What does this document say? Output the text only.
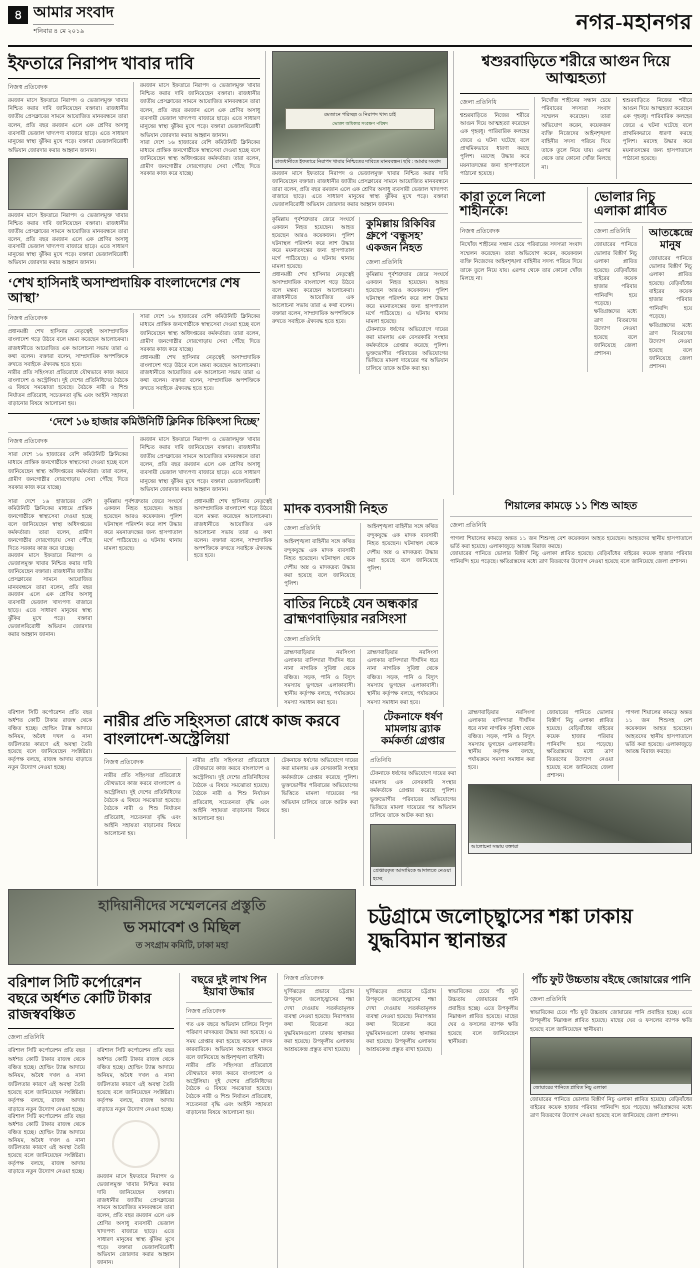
৪ আমার সংবাদ
শনিবার ৪ মে ২০১৯	নগর-মহানগর
ইফতারে নিরাপদ খাবার দাবি
নিজস্ব প্রতিবেদক
রমজান মাসে ইফতারে নিরাপদ ও ভেজালমুক্ত খাবার নিশ্চিত করার দাবি জানিয়েছেন বক্তারা। রাজধানীর জাতীয় প্রেসক্লাবের সামনে আয়োজিত মানববন্ধনে তারা বলেন, প্রতি বছর রমজান এলে এক শ্রেণির অসাধু ব্যবসায়ী ভেজাল খাদ্যপণ্য বাজারে ছাড়ে। এতে সাধারণ মানুষের স্বাস্থ্য ঝুঁকির মুখে পড়ে। বক্তারা ভেজালবিরোধী অভিযান জোরদার করার আহ্বান জানান।
রমজান মাসে ইফতারে নিরাপদ ও ভেজালমুক্ত খাবার নিশ্চিত করার দাবি জানিয়েছেন বক্তারা। রাজধানীর জাতীয় প্রেসক্লাবের সামনে আয়োজিত মানববন্ধনে তারা বলেন, প্রতি বছর রমজান এলে এক শ্রেণির অসাধু ব্যবসায়ী ভেজাল খাদ্যপণ্য বাজারে ছাড়ে। এতে সাধারণ মানুষের স্বাস্থ্য ঝুঁকির মুখে পড়ে। বক্তারা ভেজালবিরোধী অভিযান জোরদার করার আহ্বান জানান।
রমজান মাসে ইফতারে নিরাপদ ও ভেজালমুক্ত খাবার নিশ্চিত করার দাবি জানিয়েছেন বক্তারা। রাজধানীর জাতীয় প্রেসক্লাবের সামনে আয়োজিত মানববন্ধনে তারা বলেন, প্রতি বছর রমজান এলে এক শ্রেণির অসাধু ব্যবসায়ী ভেজাল খাদ্যপণ্য বাজারে ছাড়ে। এতে সাধারণ মানুষের স্বাস্থ্য ঝুঁকির মুখে পড়ে। বক্তারা ভেজালবিরোধী অভিযান জোরদার করার আহ্বান জানান।
সারা দেশে ১৬ হাজারের বেশি কমিউনিটি ক্লিনিকের মাধ্যমে প্রান্তিক জনগোষ্ঠীকে স্বাস্থ্যসেবা দেওয়া হচ্ছে বলে জানিয়েছেন স্বাস্থ্য অধিদপ্তরের কর্মকর্তারা। তারা বলেন, গ্রামীণ জনগোষ্ঠীর দোরগোড়ায় সেবা পৌঁছে দিতে সরকার কাজ করে যাচ্ছে।
‘শেখ হাসিনাই অসাম্প্রদায়িক বাংলাদেশের শেষ আস্থা’
নিজস্ব প্রতিবেদক
প্রধানমন্ত্রী শেখ হাসিনার নেতৃত্বেই অসাম্প্রদায়িক বাংলাদেশ গড়ে উঠবে বলে মন্তব্য করেছেন আলোচকরা। রাজধানীতে আয়োজিত এক আলোচনা সভায় তারা এ কথা বলেন। বক্তারা বলেন, সাম্প্রদায়িক অপশক্তিকে রুখতে সবাইকে ঐক্যবদ্ধ হতে হবে।
নারীর প্রতি সহিংসতা প্রতিরোধে যৌথভাবে কাজ করবে বাংলাদেশ ও অস্ট্রেলিয়া। দুই দেশের প্রতিনিধিদের বৈঠকে এ বিষয়ে সমঝোতা হয়েছে। বৈঠকে নারী ও শিশু নির্যাতন প্রতিরোধ, সচেতনতা বৃদ্ধি এবং আইনি সহায়তা বাড়ানোর বিষয়ে আলোচনা হয়।
সারা দেশে ১৬ হাজারের বেশি কমিউনিটি ক্লিনিকের মাধ্যমে প্রান্তিক জনগোষ্ঠীকে স্বাস্থ্যসেবা দেওয়া হচ্ছে বলে জানিয়েছেন স্বাস্থ্য অধিদপ্তরের কর্মকর্তারা। তারা বলেন, গ্রামীণ জনগোষ্ঠীর দোরগোড়ায় সেবা পৌঁছে দিতে সরকার কাজ করে যাচ্ছে।
প্রধানমন্ত্রী শেখ হাসিনার নেতৃত্বেই অসাম্প্রদায়িক বাংলাদেশ গড়ে উঠবে বলে মন্তব্য করেছেন আলোচকরা। রাজধানীতে আয়োজিত এক আলোচনা সভায় তারা এ কথা বলেন। বক্তারা বলেন, সাম্প্রদায়িক অপশক্তিকে রুখতে সবাইকে ঐক্যবদ্ধ হতে হবে।
‘দেশে ১৬ হাজার কমিউনিটি ক্লিনিক চিকিৎসা দিচ্ছে’
নিজস্ব প্রতিবেদক
সারা দেশে ১৬ হাজারের বেশি কমিউনিটি ক্লিনিকের মাধ্যমে প্রান্তিক জনগোষ্ঠীকে স্বাস্থ্যসেবা দেওয়া হচ্ছে বলে জানিয়েছেন স্বাস্থ্য অধিদপ্তরের কর্মকর্তারা। তারা বলেন, গ্রামীণ জনগোষ্ঠীর দোরগোড়ায় সেবা পৌঁছে দিতে সরকার কাজ করে যাচ্ছে।
রমজান মাসে ইফতারে নিরাপদ ও ভেজালমুক্ত খাবার নিশ্চিত করার দাবি জানিয়েছেন বক্তারা। রাজধানীর জাতীয় প্রেসক্লাবের সামনে আয়োজিত মানববন্ধনে তারা বলেন, প্রতি বছর রমজান এলে এক শ্রেণির অসাধু ব্যবসায়ী ভেজাল খাদ্যপণ্য বাজারে ছাড়ে। এতে সাধারণ মানুষের স্বাস্থ্য ঝুঁকির মুখে পড়ে। বক্তারা ভেজালবিরোধী অভিযান জোরদার করার আহ্বান জানান।
রমজানে পরিচ্ছন্ন ও নিরাপদ খাদ্য চাই
ভোক্তা অধিকার সংরক্ষণ পরিষদ
রাজধানীতে ইফতারে নিরাপদ খাবার নিশ্চিতের দাবিতে মানববন্ধন। ছবি : আমার সংবাদ
রমজান মাসে ইফতারে নিরাপদ ও ভেজালমুক্ত খাবার নিশ্চিত করার দাবি জানিয়েছেন বক্তারা। রাজধানীর জাতীয় প্রেসক্লাবের সামনে আয়োজিত মানববন্ধনে তারা বলেন, প্রতি বছর রমজান এলে এক শ্রেণির অসাধু ব্যবসায়ী ভেজাল খাদ্যপণ্য বাজারে ছাড়ে। এতে সাধারণ মানুষের স্বাস্থ্য ঝুঁকির মুখে পড়ে। বক্তারা ভেজালবিরোধী অভিযান জোরদার করার আহ্বান জানান।
কুমিল্লায় পূর্বশত্রুতার জেরে সংঘর্ষে একজন নিহত হয়েছেন। আহত হয়েছেন আরও কয়েকজন। পুলিশ ঘটনাস্থল পরিদর্শন করে লাশ উদ্ধার করে ময়নাতদন্তের জন্য হাসপাতাল মর্গে পাঠিয়েছে। এ ঘটনায় থানায় মামলা হয়েছে।
প্রধানমন্ত্রী শেখ হাসিনার নেতৃত্বেই অসাম্প্রদায়িক বাংলাদেশ গড়ে উঠবে বলে মন্তব্য করেছেন আলোচকরা। রাজধানীতে আয়োজিত এক আলোচনা সভায় তারা এ কথা বলেন। বক্তারা বলেন, সাম্প্রদায়িক অপশক্তিকে রুখতে সবাইকে ঐক্যবদ্ধ হতে হবে।
কুমিল্লায় রিকিবির গ্রুপে ‘বন্ধুসহ’ একজন নিহত
জেলা প্রতিনিধি
কুমিল্লায় পূর্বশত্রুতার জেরে সংঘর্ষে একজন নিহত হয়েছেন। আহত হয়েছেন আরও কয়েকজন। পুলিশ ঘটনাস্থল পরিদর্শন করে লাশ উদ্ধার করে ময়নাতদন্তের জন্য হাসপাতাল মর্গে পাঠিয়েছে। এ ঘটনায় থানায় মামলা হয়েছে।
টেকনাফে ধর্ষণের অভিযোগে দায়ের করা মামলায় এক বেসরকারি সংস্থার কর্মকর্তাকে গ্রেপ্তার করেছে পুলিশ। ভুক্তভোগীর পরিবারের অভিযোগের ভিত্তিতে মামলা দায়েরের পর অভিযান চালিয়ে তাকে আটক করা হয়।
শ্বশুরবাড়িতে শরীরে আগুন দিয়ে আত্মহত্যা
জেলা প্রতিনিধি
শ্বশুরবাড়িতে নিজের শরীরে আগুন দিয়ে আত্মহত্যা করেছেন এক গৃহবধূ। পারিবারিক কলহের জেরে এ ঘটনা ঘটেছে বলে প্রাথমিকভাবে ধারণা করছে পুলিশ। মরদেহ উদ্ধার করে ময়নাতদন্তের জন্য হাসপাতালে পাঠানো হয়েছে।
নিখোঁজ শাহীনের সন্ধান চেয়ে পরিবারের সদস্যরা সংবাদ সম্মেলন করেছেন। তারা অভিযোগ করেন, কয়েকজন ব্যক্তি নিজেদের আইনশৃঙ্খলা বাহিনীর সদস্য পরিচয় দিয়ে তাকে তুলে নিয়ে যায়। এরপর থেকে তার কোনো খোঁজ মিলছে না।
শ্বশুরবাড়িতে নিজের শরীরে আগুন দিয়ে আত্মহত্যা করেছেন এক গৃহবধূ। পারিবারিক কলহের জেরে এ ঘটনা ঘটেছে বলে প্রাথমিকভাবে ধারণা করছে পুলিশ। মরদেহ উদ্ধার করে ময়নাতদন্তের জন্য হাসপাতালে পাঠানো হয়েছে।
কারা তুলে নিলো শাহীনকে!
নিজস্ব প্রতিবেদক
নিখোঁজ শাহীনের সন্ধান চেয়ে পরিবারের সদস্যরা সংবাদ সম্মেলন করেছেন। তারা অভিযোগ করেন, কয়েকজন ব্যক্তি নিজেদের আইনশৃঙ্খলা বাহিনীর সদস্য পরিচয় দিয়ে তাকে তুলে নিয়ে যায়। এরপর থেকে তার কোনো খোঁজ মিলছে না।
ভোলার নিচু এলাকা প্লাবিত
জেলা প্রতিনিধি
জোয়ারের পানিতে ভোলার বিস্তীর্ণ নিচু এলাকা প্লাবিত হয়েছে। বেড়িবাঁধের বাইরের কয়েক হাজার পরিবার পানিবন্দি হয়ে পড়েছে। ক্ষতিগ্রস্তদের মধ্যে ত্রাণ বিতরণের উদ্যোগ নেওয়া হয়েছে বলে জানিয়েছে জেলা প্রশাসন।
আতঙ্কেন্দ্রে মানুষ
জোয়ারের পানিতে ভোলার বিস্তীর্ণ নিচু এলাকা প্লাবিত হয়েছে। বেড়িবাঁধের বাইরের কয়েক হাজার পরিবার পানিবন্দি হয়ে পড়েছে। ক্ষতিগ্রস্তদের মধ্যে ত্রাণ বিতরণের উদ্যোগ নেওয়া হয়েছে বলে জানিয়েছে জেলা প্রশাসন।
সারা দেশে ১৬ হাজারের বেশি কমিউনিটি ক্লিনিকের মাধ্যমে প্রান্তিক জনগোষ্ঠীকে স্বাস্থ্যসেবা দেওয়া হচ্ছে বলে জানিয়েছেন স্বাস্থ্য অধিদপ্তরের কর্মকর্তারা। তারা বলেন, গ্রামীণ জনগোষ্ঠীর দোরগোড়ায় সেবা পৌঁছে দিতে সরকার কাজ করে যাচ্ছে।
রমজান মাসে ইফতারে নিরাপদ ও ভেজালমুক্ত খাবার নিশ্চিত করার দাবি জানিয়েছেন বক্তারা। রাজধানীর জাতীয় প্রেসক্লাবের সামনে আয়োজিত মানববন্ধনে তারা বলেন, প্রতি বছর রমজান এলে এক শ্রেণির অসাধু ব্যবসায়ী ভেজাল খাদ্যপণ্য বাজারে ছাড়ে। এতে সাধারণ মানুষের স্বাস্থ্য ঝুঁকির মুখে পড়ে। বক্তারা ভেজালবিরোধী অভিযান জোরদার করার আহ্বান জানান।
কুমিল্লায় পূর্বশত্রুতার জেরে সংঘর্ষে একজন নিহত হয়েছেন। আহত হয়েছেন আরও কয়েকজন। পুলিশ ঘটনাস্থল পরিদর্শন করে লাশ উদ্ধার করে ময়নাতদন্তের জন্য হাসপাতাল মর্গে পাঠিয়েছে। এ ঘটনায় থানায় মামলা হয়েছে।
প্রধানমন্ত্রী শেখ হাসিনার নেতৃত্বেই অসাম্প্রদায়িক বাংলাদেশ গড়ে উঠবে বলে মন্তব্য করেছেন আলোচকরা। রাজধানীতে আয়োজিত এক আলোচনা সভায় তারা এ কথা বলেন। বক্তারা বলেন, সাম্প্রদায়িক অপশক্তিকে রুখতে সবাইকে ঐক্যবদ্ধ হতে হবে।
মাদক ব্যবসায়ী নিহত
জেলা প্রতিনিধি
আইনশৃঙ্খলা বাহিনীর সঙ্গে কথিত বন্দুকযুদ্ধে এক মাদক ব্যবসায়ী নিহত হয়েছেন। ঘটনাস্থল থেকে দেশীয় অস্ত্র ও মাদকদ্রব্য উদ্ধার করা হয়েছে বলে জানিয়েছে পুলিশ।
আইনশৃঙ্খলা বাহিনীর সঙ্গে কথিত বন্দুকযুদ্ধে এক মাদক ব্যবসায়ী নিহত হয়েছেন। ঘটনাস্থল থেকে দেশীয় অস্ত্র ও মাদকদ্রব্য উদ্ধার করা হয়েছে বলে জানিয়েছে পুলিশ।
বাতির নিচেই যেন অন্ধকার ব্রাহ্মণবাড়িয়ার নরসিংসা
জেলা প্রতিনিধি
ব্রাহ্মণবাড়িয়ার নরসিংসা এলাকার বাসিন্দারা দীর্ঘদিন ধরে নানা নাগরিক সুবিধা থেকে বঞ্চিত। সড়ক, পানি ও বিদ্যুৎ সমস্যায় ভুগছেন এলাকাবাসী। স্থানীয় কর্তৃপক্ষ বলছে, পর্যায়ক্রমে সমস্যা সমাধান করা হবে।
ব্রাহ্মণবাড়িয়ার নরসিংসা এলাকার বাসিন্দারা দীর্ঘদিন ধরে নানা নাগরিক সুবিধা থেকে বঞ্চিত। সড়ক, পানি ও বিদ্যুৎ সমস্যায় ভুগছেন এলাকাবাসী। স্থানীয় কর্তৃপক্ষ বলছে, পর্যায়ক্রমে সমস্যা সমাধান করা হবে।
শিয়ালের কামড়ে ১১ শিশু আহত
জেলা প্রতিনিধি
পাগলা শিয়ালের কামড়ে অন্তত ১১ জন শিশুসহ বেশ কয়েকজন আহত হয়েছেন। আহতদের স্থানীয় হাসপাতালে ভর্তি করা হয়েছে। এলাকাজুড়ে আতঙ্ক বিরাজ করছে।
জোয়ারের পানিতে ভোলার বিস্তীর্ণ নিচু এলাকা প্লাবিত হয়েছে। বেড়িবাঁধের বাইরের কয়েক হাজার পরিবার পানিবন্দি হয়ে পড়েছে। ক্ষতিগ্রস্তদের মধ্যে ত্রাণ বিতরণের উদ্যোগ নেওয়া হয়েছে বলে জানিয়েছে জেলা প্রশাসন।
বরিশাল সিটি কর্পোরেশন প্রতি বছর অর্ধশত কোটি টাকার রাজস্ব থেকে বঞ্চিত হচ্ছে। হোল্ডিং ট্যাক্স আদায়ে অনিয়ম, অবৈধ দখল ও নানা জটিলতার কারণে এই অবস্থা তৈরি হয়েছে বলে জানিয়েছেন সংশ্লিষ্টরা। কর্তৃপক্ষ বলছে, রাজস্ব আদায় বাড়াতে নতুন উদ্যোগ নেওয়া হচ্ছে।
নারীর প্রতি সহিংসতা রোধে কাজ করবে বাংলাদেশ-অস্ট্রেলিয়া
নিজস্ব প্রতিবেদক
নারীর প্রতি সহিংসতা প্রতিরোধে যৌথভাবে কাজ করবে বাংলাদেশ ও অস্ট্রেলিয়া। দুই দেশের প্রতিনিধিদের বৈঠকে এ বিষয়ে সমঝোতা হয়েছে। বৈঠকে নারী ও শিশু নির্যাতন প্রতিরোধ, সচেতনতা বৃদ্ধি এবং আইনি সহায়তা বাড়ানোর বিষয়ে আলোচনা হয়।
নারীর প্রতি সহিংসতা প্রতিরোধে যৌথভাবে কাজ করবে বাংলাদেশ ও অস্ট্রেলিয়া। দুই দেশের প্রতিনিধিদের বৈঠকে এ বিষয়ে সমঝোতা হয়েছে। বৈঠকে নারী ও শিশু নির্যাতন প্রতিরোধ, সচেতনতা বৃদ্ধি এবং আইনি সহায়তা বাড়ানোর বিষয়ে আলোচনা হয়।
টেকনাফে ধর্ষণের অভিযোগে দায়ের করা মামলায় এক বেসরকারি সংস্থার কর্মকর্তাকে গ্রেপ্তার করেছে পুলিশ। ভুক্তভোগীর পরিবারের অভিযোগের ভিত্তিতে মামলা দায়েরের পর অভিযান চালিয়ে তাকে আটক করা হয়।
টেকনাফে ধর্ষণ মামলায় ব্র্যাক কর্মকর্তা গ্রেপ্তার
প্রতিনিধি
টেকনাফে ধর্ষণের অভিযোগে দায়ের করা মামলায় এক বেসরকারি সংস্থার কর্মকর্তাকে গ্রেপ্তার করেছে পুলিশ। ভুক্তভোগীর পরিবারের অভিযোগের ভিত্তিতে মামলা দায়েরের পর অভিযান চালিয়ে তাকে আটক করা হয়।
গ্রেপ্তারকৃত আসামিকে আদালতে নেওয়া হচ্ছে
ব্রাহ্মণবাড়িয়ার নরসিংসা এলাকার বাসিন্দারা দীর্ঘদিন ধরে নানা নাগরিক সুবিধা থেকে বঞ্চিত। সড়ক, পানি ও বিদ্যুৎ সমস্যায় ভুগছেন এলাকাবাসী। স্থানীয় কর্তৃপক্ষ বলছে, পর্যায়ক্রমে সমস্যা সমাধান করা হবে।
জোয়ারের পানিতে ভোলার বিস্তীর্ণ নিচু এলাকা প্লাবিত হয়েছে। বেড়িবাঁধের বাইরের কয়েক হাজার পরিবার পানিবন্দি হয়ে পড়েছে। ক্ষতিগ্রস্তদের মধ্যে ত্রাণ বিতরণের উদ্যোগ নেওয়া হয়েছে বলে জানিয়েছে জেলা প্রশাসন।
পাগলা শিয়ালের কামড়ে অন্তত ১১ জন শিশুসহ বেশ কয়েকজন আহত হয়েছেন। আহতদের স্থানীয় হাসপাতালে ভর্তি করা হয়েছে। এলাকাজুড়ে আতঙ্ক বিরাজ করছে।
আলোচনা সভায় বক্তারা
হাদিয়ানীদের সম্মেলনের প্রস্তুতি
ভ সমাবেশ ও মিছিল
ত সংগ্রাম কমিটি, ঢাকা মহা
চট্টগ্রামে জলোচ্ছ্বাসের শঙ্কা ঢাকায় যুদ্ধবিমান স্থানান্তর
বরিশাল সিটি কর্পোরেশন বছরে অর্ধশত কোটি টাকার রাজস্ববঞ্চিত
জেলা প্রতিনিধি
বরিশাল সিটি কর্পোরেশন প্রতি বছর অর্ধশত কোটি টাকার রাজস্ব থেকে বঞ্চিত হচ্ছে। হোল্ডিং ট্যাক্স আদায়ে অনিয়ম, অবৈধ দখল ও নানা জটিলতার কারণে এই অবস্থা তৈরি হয়েছে বলে জানিয়েছেন সংশ্লিষ্টরা। কর্তৃপক্ষ বলছে, রাজস্ব আদায় বাড়াতে নতুন উদ্যোগ নেওয়া হচ্ছে।
বরিশাল সিটি কর্পোরেশন প্রতি বছর অর্ধশত কোটি টাকার রাজস্ব থেকে বঞ্চিত হচ্ছে। হোল্ডিং ট্যাক্স আদায়ে অনিয়ম, অবৈধ দখল ও নানা জটিলতার কারণে এই অবস্থা তৈরি হয়েছে বলে জানিয়েছেন সংশ্লিষ্টরা। কর্তৃপক্ষ বলছে, রাজস্ব আদায় বাড়াতে নতুন উদ্যোগ নেওয়া হচ্ছে।
বরিশাল সিটি কর্পোরেশন প্রতি বছর অর্ধশত কোটি টাকার রাজস্ব থেকে বঞ্চিত হচ্ছে। হোল্ডিং ট্যাক্স আদায়ে অনিয়ম, অবৈধ দখল ও নানা জটিলতার কারণে এই অবস্থা তৈরি হয়েছে বলে জানিয়েছেন সংশ্লিষ্টরা। কর্তৃপক্ষ বলছে, রাজস্ব আদায় বাড়াতে নতুন উদ্যোগ নেওয়া হচ্ছে।
রমজান মাসে ইফতারে নিরাপদ ও ভেজালমুক্ত খাবার নিশ্চিত করার দাবি জানিয়েছেন বক্তারা। রাজধানীর জাতীয় প্রেসক্লাবের সামনে আয়োজিত মানববন্ধনে তারা বলেন, প্রতি বছর রমজান এলে এক শ্রেণির অসাধু ব্যবসায়ী ভেজাল খাদ্যপণ্য বাজারে ছাড়ে। এতে সাধারণ মানুষের স্বাস্থ্য ঝুঁকির মুখে পড়ে। বক্তারা ভেজালবিরোধী অভিযান জোরদার করার আহ্বান জানান।
বছরে দুই লাখ পিন ইয়াবা উদ্ধার
নিজস্ব প্রতিবেদক
গত এক বছরে অভিযান চালিয়ে বিপুল পরিমাণ মাদকদ্রব্য উদ্ধার করা হয়েছে। এ সময় গ্রেপ্তার করা হয়েছে কয়েকশ মাদক কারবারিকে। অভিযান অব্যাহত থাকবে বলে জানিয়েছে আইনশৃঙ্খলা বাহিনী।
নারীর প্রতি সহিংসতা প্রতিরোধে যৌথভাবে কাজ করবে বাংলাদেশ ও অস্ট্রেলিয়া। দুই দেশের প্রতিনিধিদের বৈঠকে এ বিষয়ে সমঝোতা হয়েছে। বৈঠকে নারী ও শিশু নির্যাতন প্রতিরোধ, সচেতনতা বৃদ্ধি এবং আইনি সহায়তা বাড়ানোর বিষয়ে আলোচনা হয়।
নিজস্ব প্রতিবেদক
ঘূর্ণিঝড়ের প্রভাবে চট্টগ্রাম উপকূলে জলোচ্ছ্বাসের শঙ্কা দেখা দেওয়ায় সতর্কতামূলক ব্যবস্থা নেওয়া হয়েছে। নিরাপত্তার কথা বিবেচনা করে যুদ্ধবিমানগুলো ঢাকায় স্থানান্তর করা হয়েছে। উপকূলীয় এলাকায় আশ্রয়কেন্দ্র প্রস্তুত রাখা হয়েছে।
ঘূর্ণিঝড়ের প্রভাবে চট্টগ্রাম উপকূলে জলোচ্ছ্বাসের শঙ্কা দেখা দেওয়ায় সতর্কতামূলক ব্যবস্থা নেওয়া হয়েছে। নিরাপত্তার কথা বিবেচনা করে যুদ্ধবিমানগুলো ঢাকায় স্থানান্তর করা হয়েছে। উপকূলীয় এলাকায় আশ্রয়কেন্দ্র প্রস্তুত রাখা হয়েছে।
স্বাভাবিকের চেয়ে পাঁচ ফুট উচ্চতায় জোয়ারের পানি প্রবাহিত হচ্ছে। এতে উপকূলীয় নিম্নাঞ্চল প্লাবিত হয়েছে। মাছের ঘের ও ফসলের ব্যাপক ক্ষতি হয়েছে বলে জানিয়েছেন স্থানীয়রা।
পাঁচ ফুট উচ্চতায় বইছে জোয়ারের পানি
জেলা প্রতিনিধি
স্বাভাবিকের চেয়ে পাঁচ ফুট উচ্চতায় জোয়ারের পানি প্রবাহিত হচ্ছে। এতে উপকূলীয় নিম্নাঞ্চল প্লাবিত হয়েছে। মাছের ঘের ও ফসলের ব্যাপক ক্ষতি হয়েছে বলে জানিয়েছেন স্থানীয়রা।
জোয়ারের পানিতে প্লাবিত নিচু এলাকা
জোয়ারের পানিতে ভোলার বিস্তীর্ণ নিচু এলাকা প্লাবিত হয়েছে। বেড়িবাঁধের বাইরের কয়েক হাজার পরিবার পানিবন্দি হয়ে পড়েছে। ক্ষতিগ্রস্তদের মধ্যে ত্রাণ বিতরণের উদ্যোগ নেওয়া হয়েছে বলে জানিয়েছে জেলা প্রশাসন।
